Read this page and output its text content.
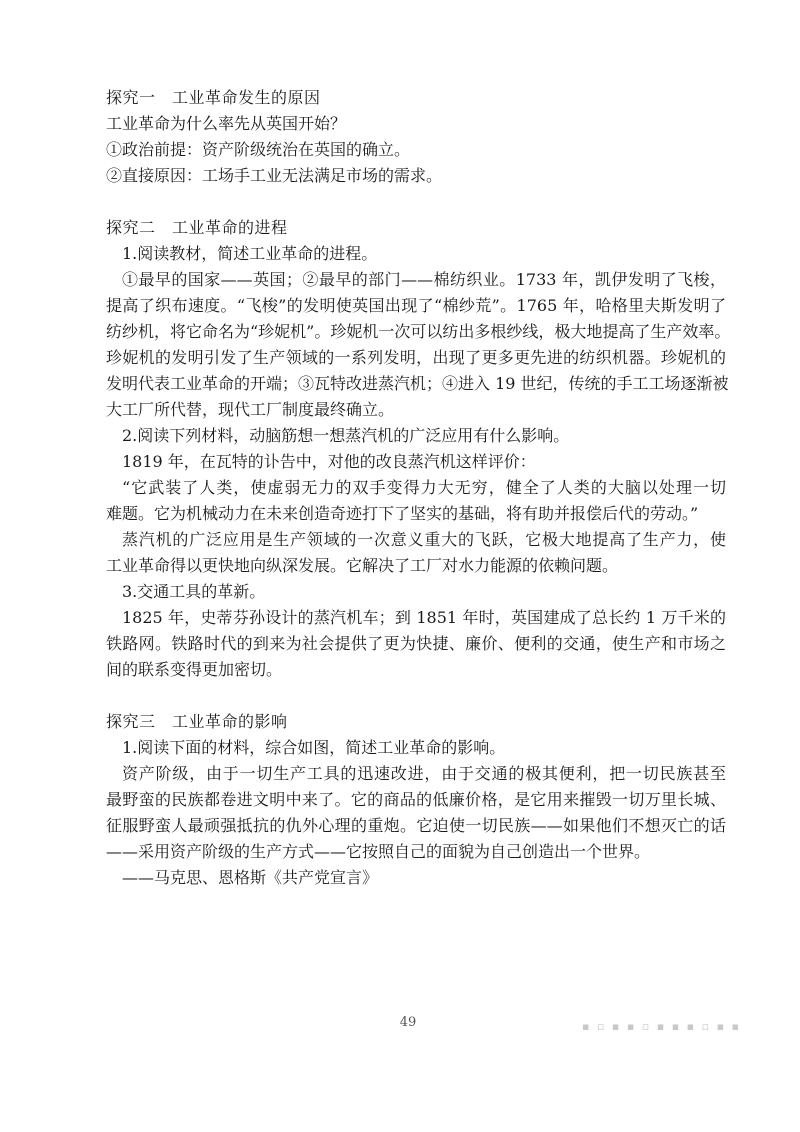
探究一　工业革命发生的原因
工业革命为什么率先从英国开始？
①政治前提：资产阶级统治在英国的确立。
②直接原因：工场手工业无法满足市场的需求。
探究二　工业革命的进程
1.阅读教材，简述工业革命的进程。
①最早的国家——英国；②最早的部门——棉纺织业。1733 年，凯伊发明了飞梭，
提高了织布速度。“飞梭”的发明使英国出现了“棉纱荒”。1765 年，哈格里夫斯发明了
纺纱机，将它命名为“珍妮机”。珍妮机一次可以纺出多根纱线，极大地提高了生产效率。
珍妮机的发明引发了生产领域的一系列发明，出现了更多更先进的纺织机器。珍妮机的
发明代表工业革命的开端；③瓦特改进蒸汽机；④进入 19 世纪，传统的手工工场逐渐被
大工厂所代替，现代工厂制度最终确立。
2.阅读下列材料，动脑筋想一想蒸汽机的广泛应用有什么影响。
1819 年，在瓦特的讣告中，对他的改良蒸汽机这样评价：
“它武装了人类，使虚弱无力的双手变得力大无穷，健全了人类的大脑以处理一切
难题。它为机械动力在未来创造奇迹打下了坚实的基础，将有助并报偿后代的劳动。”
蒸汽机的广泛应用是生产领域的一次意义重大的飞跃，它极大地提高了生产力，使
工业革命得以更快地向纵深发展。它解决了工厂对水力能源的依赖问题。
3.交通工具的革新。
1825 年，史蒂芬孙设计的蒸汽机车；到 1851 年时，英国建成了总长约 1 万千米的
铁路网。铁路时代的到来为社会提供了更为快捷、廉价、便利的交通，使生产和市场之
间的联系变得更加密切。
探究三　工业革命的影响
1.阅读下面的材料，综合如图，简述工业革命的影响。
资产阶级，由于一切生产工具的迅速改进，由于交通的极其便利，把一切民族甚至
最野蛮的民族都卷进文明中来了。它的商品的低廉价格，是它用来摧毁一切万里长城、
征服野蛮人最顽强抵抗的仇外心理的重炮。它迫使一切民族——如果他们不想灭亡的话
——采用资产阶级的生产方式——它按照自己的面貌为自己创造出一个世界。
——马克思、恩格斯《共产党宣言》
49	▪ ▫ ▪ ▪ ▫ ▪ ▪ ▪ ▫ ▪ ▪
